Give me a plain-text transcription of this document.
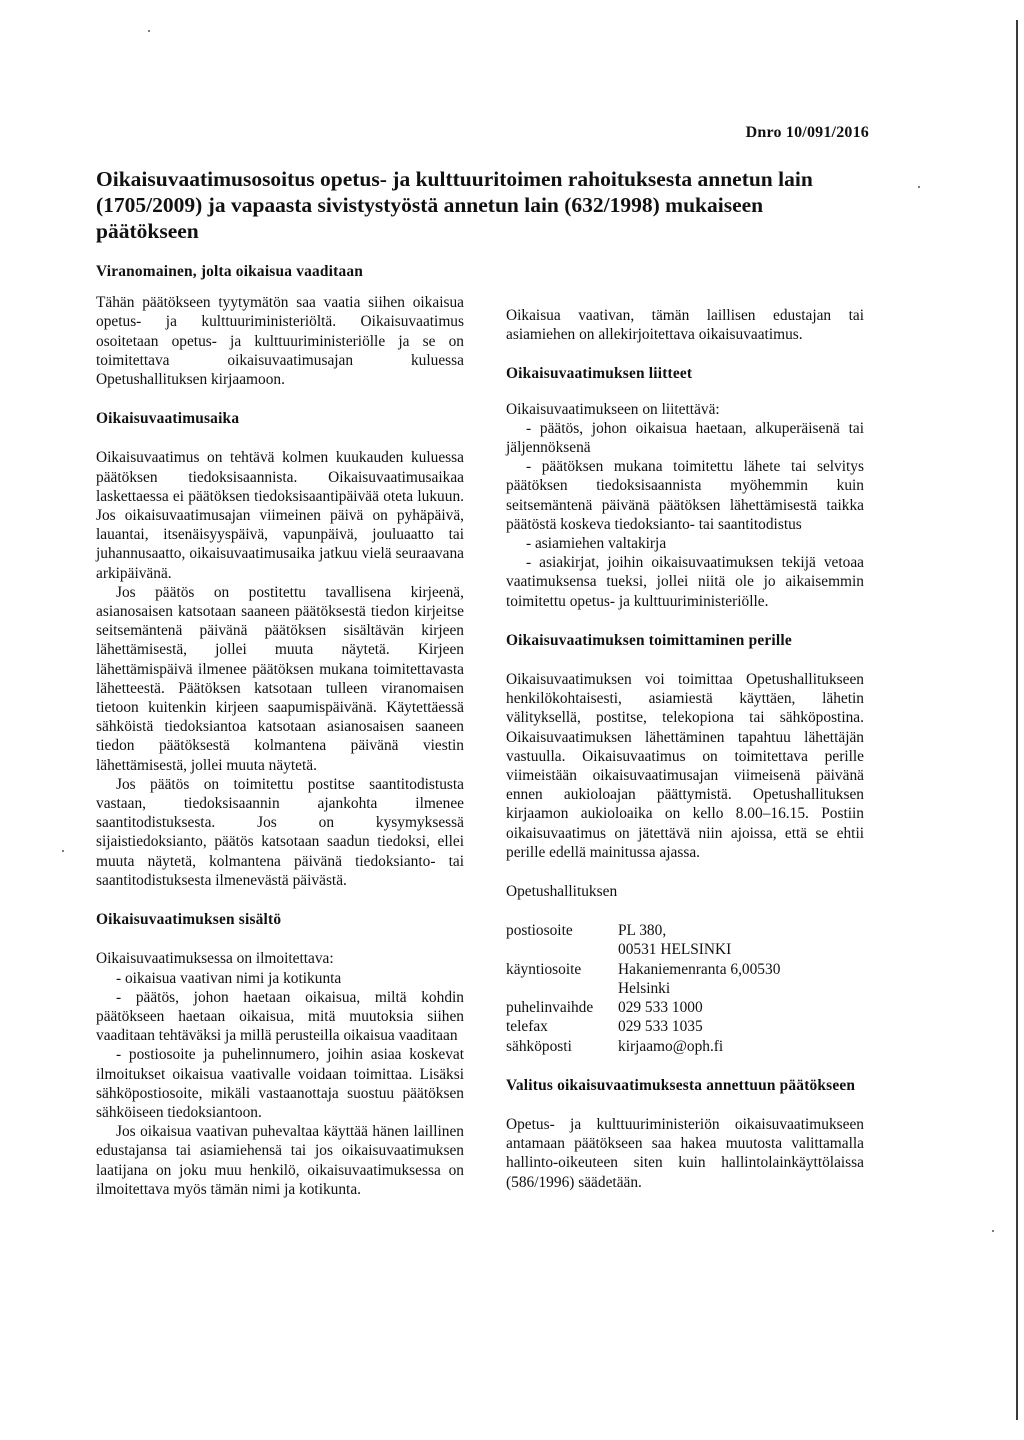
Dnro 10/091/2016
Oikaisuvaatimusosoitus opetus- ja kulttuuritoimen rahoituksesta annetun lain (1705/2009) ja vapaasta sivistystyöstä annetun lain (632/1998) mukaiseen päätökseen
Viranomainen, jolta oikaisua vaaditaan

Tähän päätökseen tyytymätön saa vaatia siihen oikaisua opetus- ja kulttuuriministeriöltä. Oikaisuvaatimus osoitetaan opetus- ja kulttuuriministeriölle ja se on toimitettava oikaisuvaatimusajan kuluessa Opetushallituksen kirjaamoon.

Oikaisuvaatimusaika

Oikaisuvaatimus on tehtävä kolmen kuukauden kuluessa päätöksen tiedoksisaannista. Oikaisuvaatimusaikaa laskettaessa ei päätöksen tiedoksisaantipäivää oteta lukuun. Jos oikaisuvaatimusajan viimeinen päivä on pyhäpäivä, lauantai, itsenäisyyspäivä, vapunpäivä, jouluaatto tai juhannusaatto, oikaisuvaatimusaika jatkuu vielä seuraavana arkipäivänä.

Jos päätös on postitettu tavallisena kirjeenä, asianosaisen katsotaan saaneen päätöksestä tiedon kirjeitse seitsemäntenä päivänä päätöksen sisältävän kirjeen lähettämisestä, jollei muuta näytetä. Kirjeen lähettämispäivä ilmenee päätöksen mukana toimitettavasta lähetteestä. Päätöksen katsotaan tulleen viranomaisen tietoon kuitenkin kirjeen saapumispäivänä. Käytettäessä sähköistä tiedoksiantoa katsotaan asianosaisen saaneen tiedon päätöksestä kolmantena päivänä viestin lähettämisestä, jollei muuta näytetä.

Jos päätös on toimitettu postitse saantitodistusta vastaan, tiedoksisaannin ajankohta ilmenee saantitodistuksesta. Jos on kysymyksessä sijaistiedoksianto, päätös katsotaan saadun tiedoksi, ellei muuta näytetä, kolmantena päivänä tiedoksianto- tai saantitodistuksesta ilmenevästä päivästä.

Oikaisuvaatimuksen sisältö

Oikaisuvaatimuksessa on ilmoitettava:

- oikaisua vaativan nimi ja kotikunta

- päätös, johon haetaan oikaisua, miltä kohdin päätökseen haetaan oikaisua, mitä muutoksia siihen vaaditaan tehtäväksi ja millä perusteilla oikaisua vaaditaan

- postiosoite ja puhelinnumero, joihin asiaa koskevat ilmoitukset oikaisua vaativalle voidaan toimittaa. Lisäksi sähköpostiosoite, mikäli vastaanottaja suostuu päätöksen sähköiseen tiedoksiantoon.

Jos oikaisua vaativan puhevaltaa käyttää hänen laillinen edustajansa tai asiamiehensä tai jos oikaisuvaatimuksen laatijana on joku muu henkilö, oikaisuvaatimuksessa on ilmoitettava myös tämän nimi ja kotikunta.

Oikaisua vaativan, tämän laillisen edustajan tai asiamiehen on allekirjoitettava oikaisuvaatimus.

Oikaisuvaatimuksen liitteet

Oikaisuvaatimukseen on liitettävä:

- päätös, johon oikaisua haetaan, alkuperäisenä tai jäljennöksenä

- päätöksen mukana toimitettu lähete tai selvitys päätöksen tiedoksisaannista myöhemmin kuin seitsemäntenä päivänä päätöksen lähettämisestä taikka päätöstä koskeva tiedoksianto- tai saantitodistus

- asiamiehen valtakirja

- asiakirjat, joihin oikaisuvaatimuksen tekijä vetoaa vaatimuksensa tueksi, jollei niitä ole jo aikaisemmin toimitettu opetus- ja kulttuuriministeriölle.

Oikaisuvaatimuksen toimittaminen perille

Oikaisuvaatimuksen voi toimittaa Opetushallitukseen henkilökohtaisesti, asiamiestä käyttäen, lähetin välityksellä, postitse, telekopiona tai sähköpostina. Oikaisuvaatimuksen lähettäminen tapahtuu lähettäjän vastuulla. Oikaisuvaatimus on toimitettava perille viimeistään oikaisuvaatimusajan viimeisenä päivänä ennen aukioloajan päättymistä. Opetushallituksen kirjaamon aukioloaika on kello 8.00–16.15. Postiin oikaisuvaatimus on jätettävä niin ajoissa, että se ehtii perille edellä mainitussa ajassa.

Opetushallituksen

postiosoite	PL 380,
	00531 HELSINKI
käyntiosoite	Hakaniemenranta 6,00530
	Helsinki
puhelinvaihde	029 533 1000
telefax	029 533 1035
sähköposti	kirjaamo@oph.fi
Valitus oikaisuvaatimuksesta annettuun päätökseen

Opetus- ja kulttuuriministeriön oikaisuvaatimukseen antamaan päätökseen saa hakea muutosta valittamalla hallinto-oikeuteen siten kuin hallintolainkäyttölaissa (586/1996) säädetään.
